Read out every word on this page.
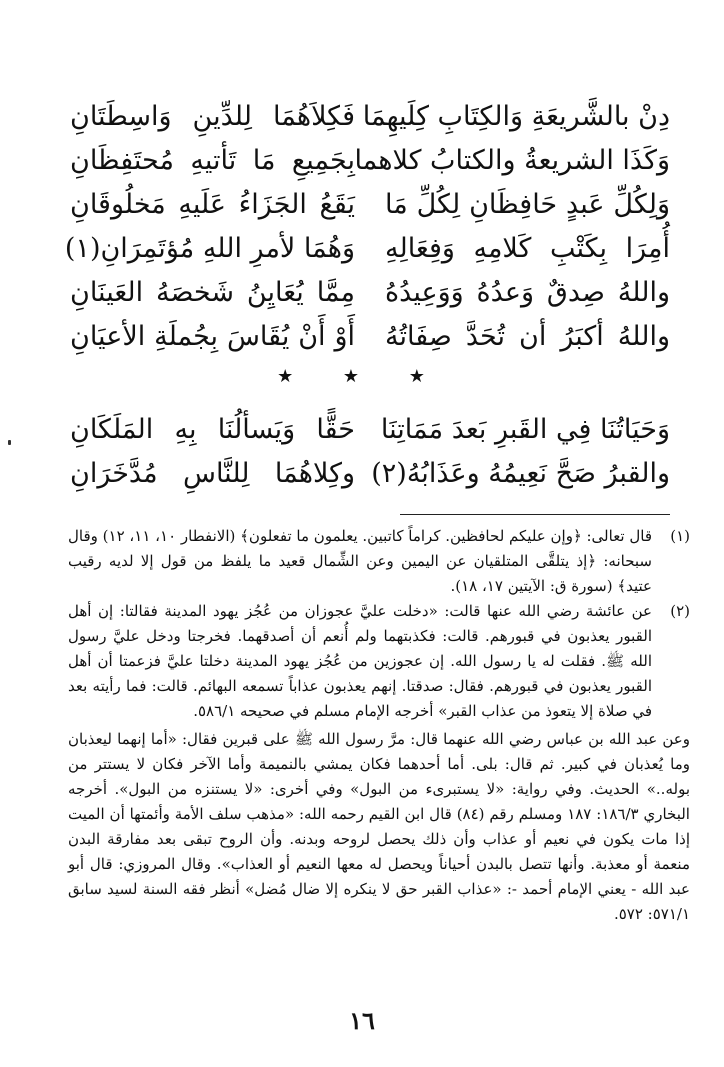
دِنْ بالشَّريعَةِ وَالكِتَابِ كِلَيهِمَا
فَكِلاَهُمَا لِلدِّينِ وَاسِطَتَانِ
وَكَذَا الشريعةُ والكتابُ كلاهما
بِجَمِيعِ مَا تَأتيهِ مُحتَفِظَانِ
وَلِكُلِّ عَبدٍ حَافِظَانِ لِكُلِّ مَا
يَقَعُ الجَزَاءُ عَلَيهِ مَخلُوقَانِ
أُمِرَا بِكَتْبِ كَلامِهِ وَفِعَالِهِ
وَهُمَا لأمرِ اللهِ مُؤتَمِرَانِ(١)
واللهُ صِدقٌ وَعدُهُ وَوَعِيدُهُ
مِمَّا يُعَايِنُ شَخصَهُ العَينَانِ
واللهُ أكبَرُ أن تُحَدَّ صِفَاتُهُ
أَوْ أَنْ يُقَاسَ بِجُملَةِ الأعيَانِ
★ ★ ★
وَحَيَاتُنَا فِي القَبرِ بَعدَ مَمَاتِنَا
حَقًّا وَيَسألُنَا بِهِ المَلَكَانِ
والقبرُ صَحَّ نَعِيمُهُ وعَذَابُهُ(٢)
وكِلاهُمَا لِلنَّاسِ مُدَّخَرَانِ
(١)
قال تعالى: ﴿وإن عليكم لحافظين. كراماً كاتبين. يعلمون ما تفعلون﴾ (الانفطار ١٠، ١١، ١٢) وقال سبحانه: ﴿إذ يتلقَّى المتلقيان عن اليمين وعن الشِّمال قعيد ما يلفظ من قول إلا لديه رقيب عتيد﴾ (سورة ق: الآيتين ١٧، ١٨).
(٢)
عن عائشة رضي الله عنها قالت: «دخلت عليَّ عجوزان من عُجُز يهود المدينة فقالتا: إن أهل القبور يعذبون في قبورهم. قالت: فكذبتهما ولم أُنعم أن أصدقهما. فخرجتا ودخل عليَّ رسول الله ﷺ. فقلت له يا رسول الله. إن عجوزين من عُجُز يهود المدينة دخلتا عليَّ فزعمتا أن أهل القبور يعذبون في قبورهم. فقال: صدقتا. إنهم يعذبون عذاباً تسمعه البهائم. قالت: فما رأيته بعد في صلاة إلا يتعوذ من عذاب القبر» أخرجه الإمام مسلم في صحيحه ٥٨٦/١.
وعن عبد الله بن عباس رضي الله عنهما قال: مرَّ رسول الله ﷺ على قبرين فقال: «أما إنهما ليعذبان وما يُعذبان في كبير. ثم قال: بلى. أما أحدهما فكان يمشي بالنميمة وأما الآخر فكان لا يستتر من بوله..» الحديث. وفي رواية: «لا يستبرىء من البول» وفي أخرى: «لا يستنزه من البول». أخرجه البخاري ١٨٦/٣: ١٨٧ ومسلم رقم (٨٤) قال ابن القيم رحمه الله: «مذهب سلف الأمة وأئمتها أن الميت إذا مات يكون في نعيم أو عذاب وأن ذلك يحصل لروحه وبدنه. وأن الروح تبقى بعد مفارقة البدن منعمة أو معذبة. وأنها تتصل بالبدن أحياناً ويحصل له معها النعيم أو العذاب». وقال المروزي: قال أبو عبد الله - يعني الإمام أحمد -: «عذاب القبر حق لا ينكره إلا ضال مُضل» أنظر فقه السنة لسيد سابق ٥٧١/١: ٥٧٢.
١٦
